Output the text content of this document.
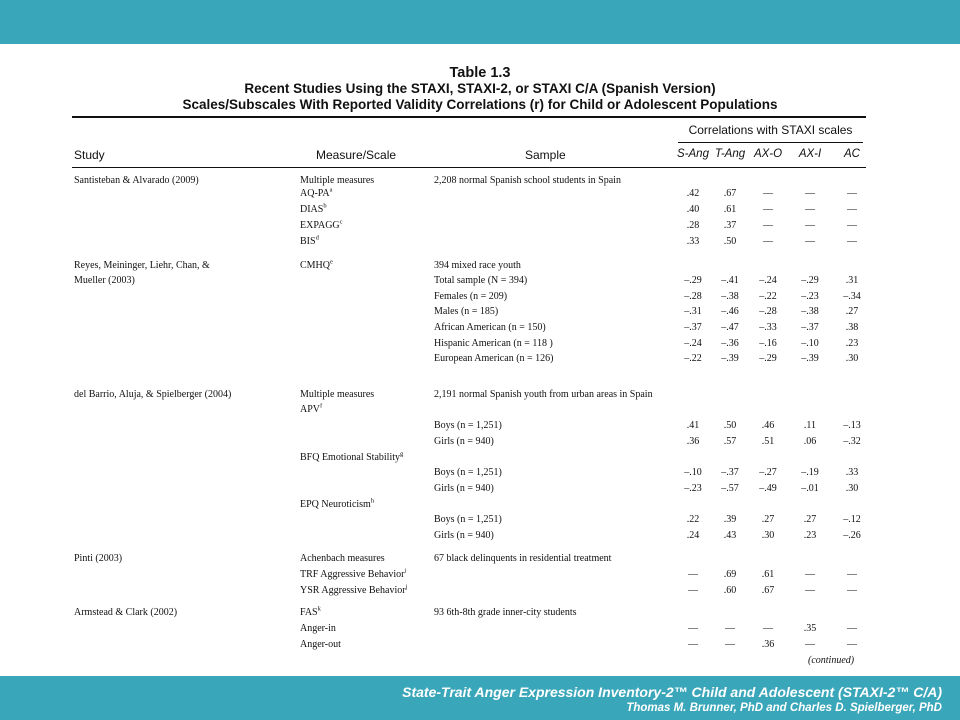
Table 1.3
Recent Studies Using the STAXI, STAXI-2, or STAXI C/A (Spanish Version)
Scales/Subscales With Reported Validity Correlations (r) for Child or Adolescent Populations
Correlations with STAXI scales
Study	Measure/Scale	Sample	S-Ang T-Ang AX-O	AX-I	AC
Santisteban & Alvarado (2009)	Multiple measures	2,208 normal Spanish school students in Spain
$AQ-PA^a$	.42	.67	—	—	—
DIAS$^b$	.40	.61	—	—	—
EXPAGG$^c$	.28	.37	—	—	—
BIS$^d$	.33	.50	—	—	—
Reyes, Meininger, Liehr, Chan, &	CMHQ$^e$	394 mixed race youth
Mueller (2003)	Total sample (N = 394)	–.29	–.41	–.24	–.29	.31
Females (n = 209)	–.28	–.38	–.22	–.23	–.34
Males (n = 185)	–.31	–.46	–.28	–.38	.27
African American (n = 150)	–.37	–.47	–.33	–.37	.38
Hispanic American (n = 118 )	–.24	–.36	–.16	–.10	.23
European American (n = 126)	–.22	–.39	–.29	–.39	.30
del Barrio, Aluja, & Spielberger (2004)	Multiple measures	2,191 normal Spanish youth from urban areas in Spain
APV$^f$
Boys (n = 1,251)	.41	.50	.46	.11	–.13
Girls (n = 940)	.36	.57	.51	.06	–.32
BFQ Emotional Stability$^g$
Boys (n = 1,251)	–.10	–.37	–.27	–.19	.33
Girls (n = 940)	–.23	–.57	–.49	–.01	.30
EPQ Neuroticism$^h$
Boys (n = 1,251)	.22	.39	.27	.27	–.12
Girls (n = 940)	.24	.43	.30	.23	–.26
Pinti (2003)	Achenbach measures	67 black delinquents in residential treatment
TRF Aggressive Behavior$^i$	—	.69	.61	—	—
YSR Aggressive Behavior$^j$	—	.60	.67	—	—
Armstead & Clark (2002)	FAS$^k$	93 6th-8th grade inner-city students
Anger-in	—	—	—	.35	—
Anger-out	—	—	.36	—	—
(continued)
State-Trait Anger Expression Inventory-2™ Child and Adolescent (STAXI-2™ C/A)
Thomas M. Brunner, PhD and Charles D. Spielberger, PhD
